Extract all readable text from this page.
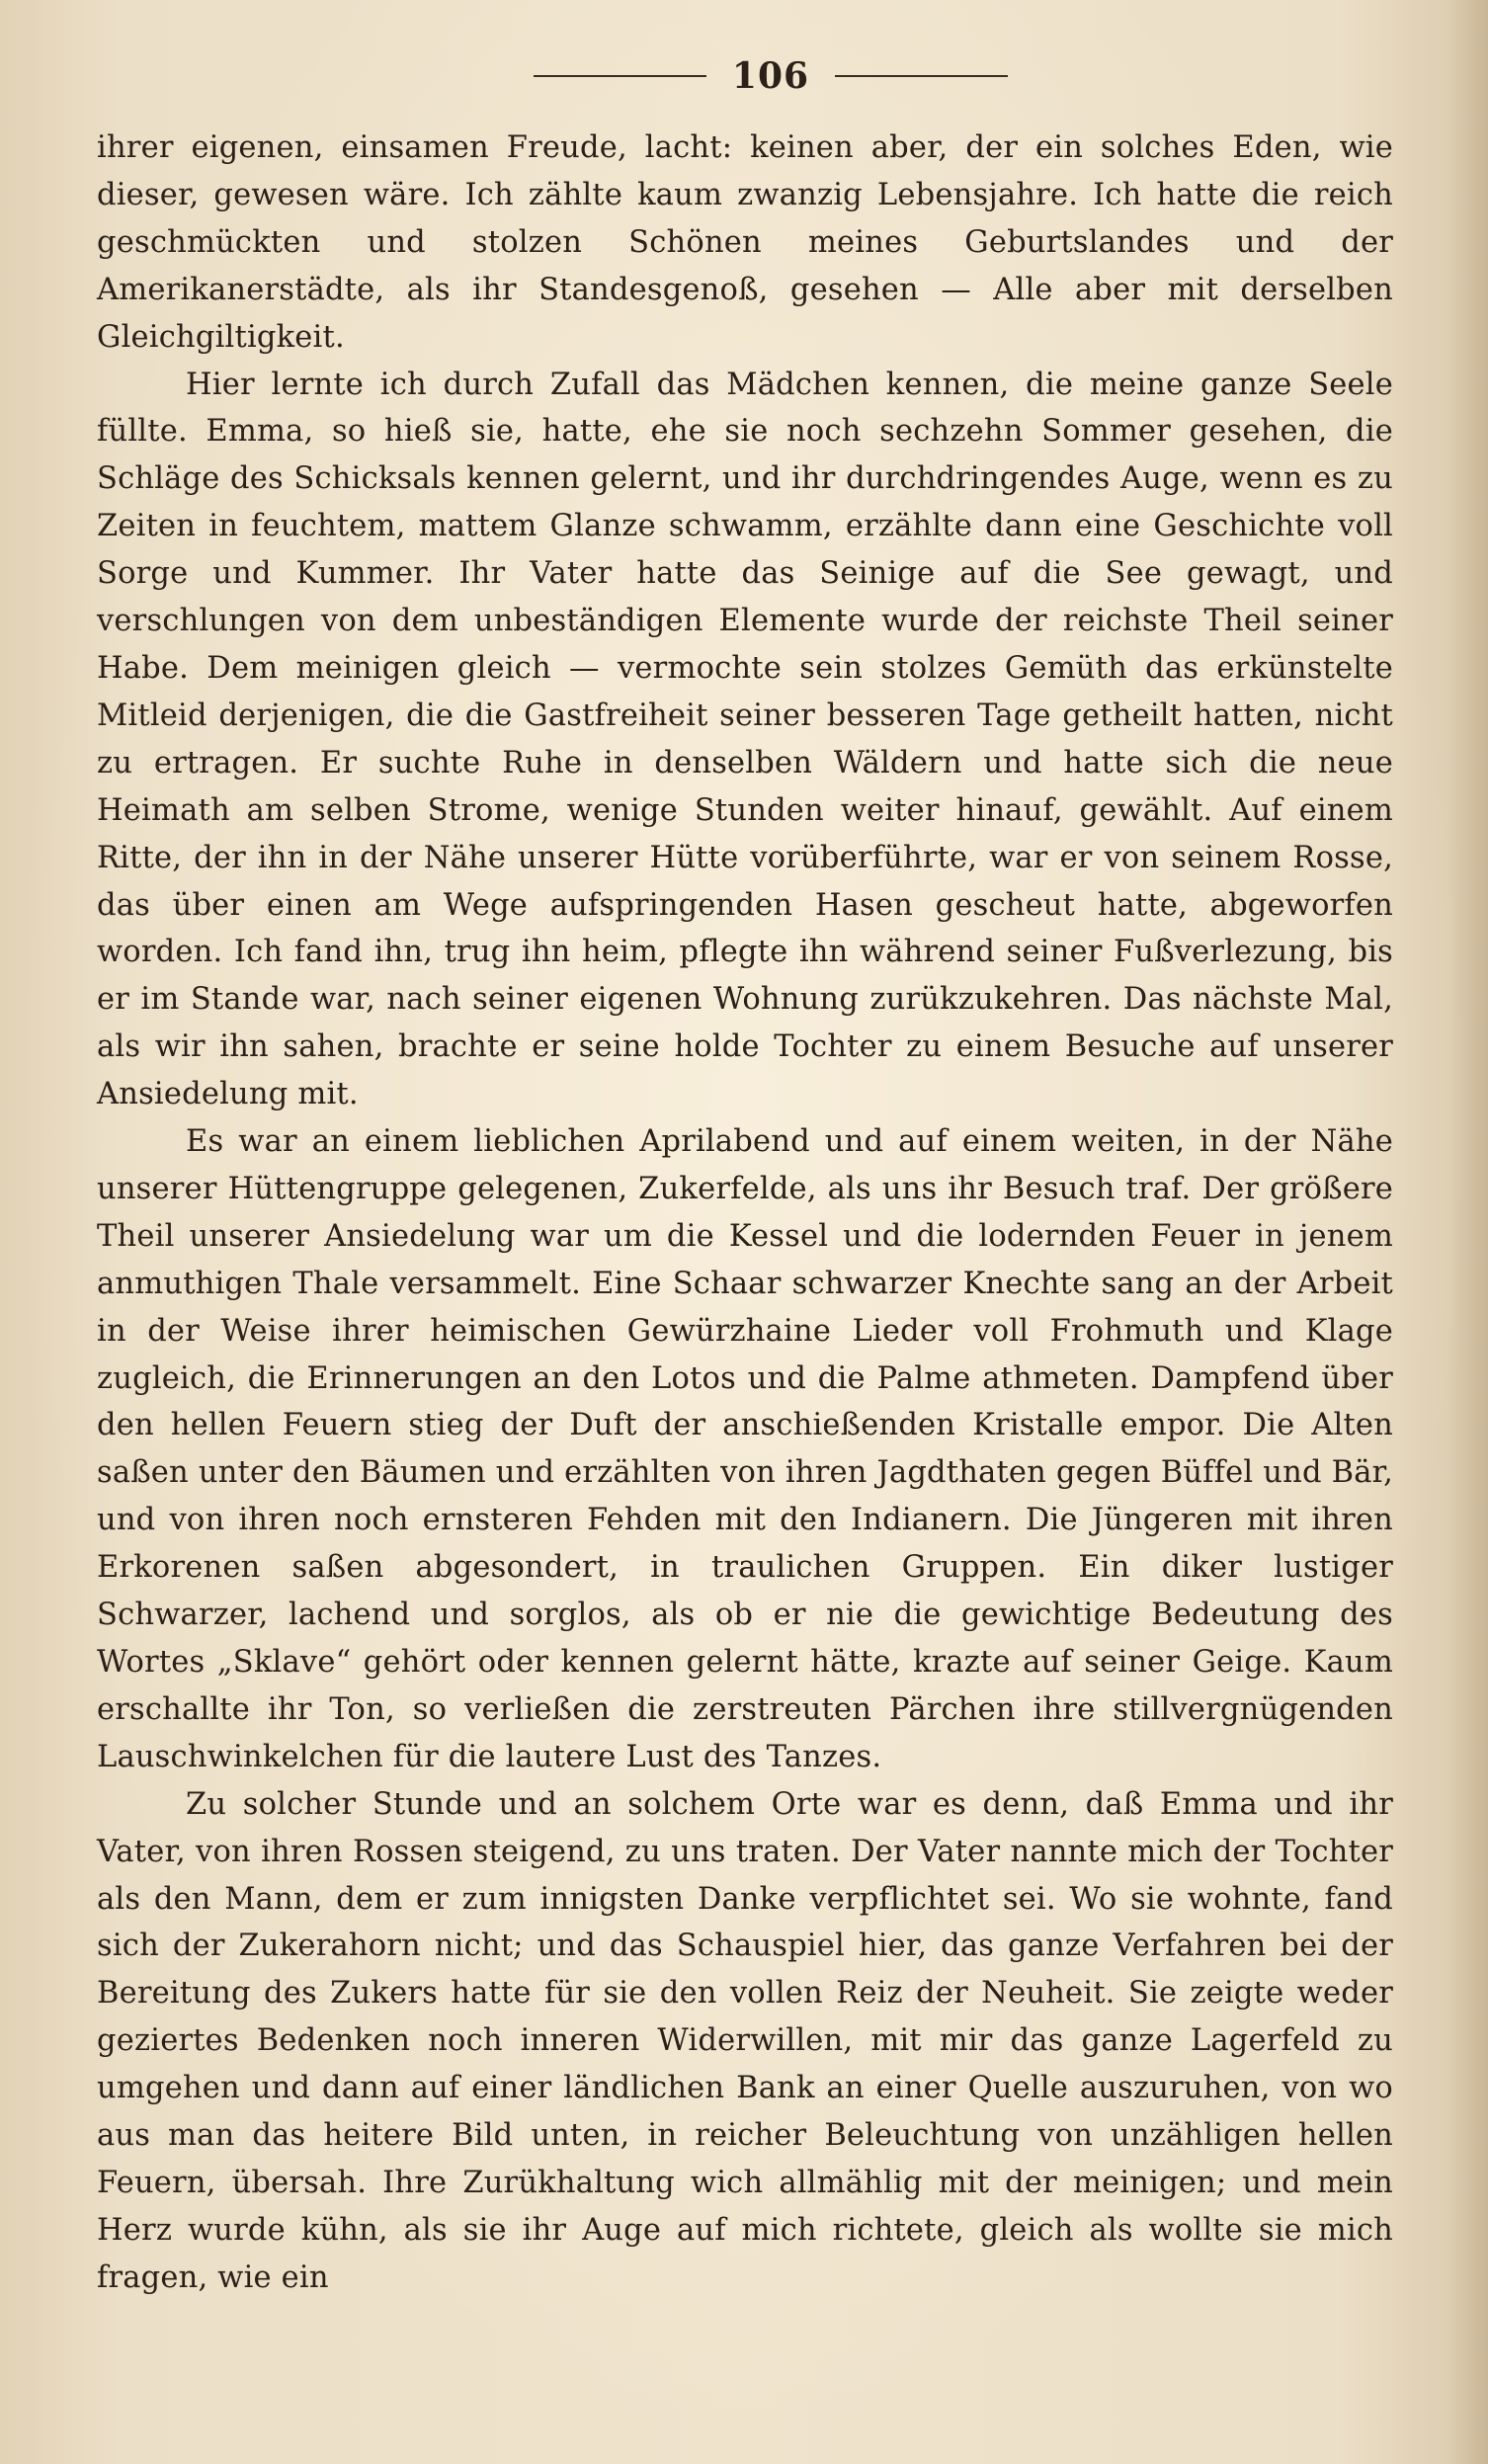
106

ihrer eigenen, einsamen Freude, lacht: keinen aber, der ein solches Eden, wie dieser, gewesen wäre. Ich zählte kaum zwanzig Lebensjahre. Ich hatte die reich geschmückten und stolzen Schönen meines Geburtslandes und der Amerikanerstädte, als ihr Standesgenoß, gesehen — Alle aber mit derselben Gleichgiltigkeit.

Hier lernte ich durch Zufall das Mädchen kennen, die meine ganze Seele füllte. Emma, so hieß sie, hatte, ehe sie noch sechzehn Sommer gesehen, die Schläge des Schicksals kennen gelernt, und ihr durchdringendes Auge, wenn es zu Zeiten in feuchtem, mattem Glanze schwamm, erzählte dann eine Geschichte voll Sorge und Kummer. Ihr Vater hatte das Seinige auf die See gewagt, und verschlungen von dem unbeständigen Elemente wurde der reichste Theil seiner Habe. Dem meinigen gleich — vermochte sein stolzes Gemüth das erkünstelte Mitleid derjenigen, die die Gastfreiheit seiner besseren Tage getheilt hatten, nicht zu ertragen. Er suchte Ruhe in denselben Wäldern und hatte sich die neue Heimath am selben Strome, wenige Stunden weiter hinauf, gewählt. Auf einem Ritte, der ihn in der Nähe unserer Hütte vorüberführte, war er von seinem Rosse, das über einen am Wege aufspringenden Hasen gescheut hatte, abgeworfen worden. Ich fand ihn, trug ihn heim, pflegte ihn während seiner Fußverlezung, bis er im Stande war, nach seiner eigenen Wohnung zurükzukehren. Das nächste Mal, als wir ihn sahen, brachte er seine holde Tochter zu einem Besuche auf unserer Ansiedelung mit.

Es war an einem lieblichen Aprilabend und auf einem weiten, in der Nähe unserer Hüttengruppe gelegenen, Zukerfelde, als uns ihr Besuch traf. Der größere Theil unserer Ansiedelung war um die Kessel und die lodernden Feuer in jenem anmuthigen Thale versammelt. Eine Schaar schwarzer Knechte sang an der Arbeit in der Weise ihrer heimischen Gewürzhaine Lieder voll Frohmuth und Klage zugleich, die Erinnerungen an den Lotos und die Palme athmeten. Dampfend über den hellen Feuern stieg der Duft der anschießenden Kristalle empor. Die Alten saßen unter den Bäumen und erzählten von ihren Jagdthaten gegen Büffel und Bär, und von ihren noch ernsteren Fehden mit den Indianern. Die Jüngeren mit ihren Erkorenen saßen abgesondert, in traulichen Gruppen. Ein diker lustiger Schwarzer, lachend und sorglos, als ob er nie die gewichtige Bedeutung des Wortes „Sklave“ gehört oder kennen gelernt hätte, krazte auf seiner Geige. Kaum erschallte ihr Ton, so verließen die zerstreuten Pärchen ihre stillvergnügenden Lauschwinkelchen für die lautere Lust des Tanzes.

Zu solcher Stunde und an solchem Orte war es denn, daß Emma und ihr Vater, von ihren Rossen steigend, zu uns traten. Der Vater nannte mich der Tochter als den Mann, dem er zum innigsten Danke verpflichtet sei. Wo sie wohnte, fand sich der Zukerahorn nicht; und das Schauspiel hier, das ganze Verfahren bei der Bereitung des Zukers hatte für sie den vollen Reiz der Neuheit. Sie zeigte weder geziertes Bedenken noch inneren Widerwillen, mit mir das ganze Lagerfeld zu umgehen und dann auf einer ländlichen Bank an einer Quelle auszuruhen, von wo aus man das heitere Bild unten, in reicher Beleuchtung von unzähligen hellen Feuern, übersah. Ihre Zurükhaltung wich allmählig mit der meinigen; und mein Herz wurde kühn, als sie ihr Auge auf mich richtete, gleich als wollte sie mich fragen, wie ein
